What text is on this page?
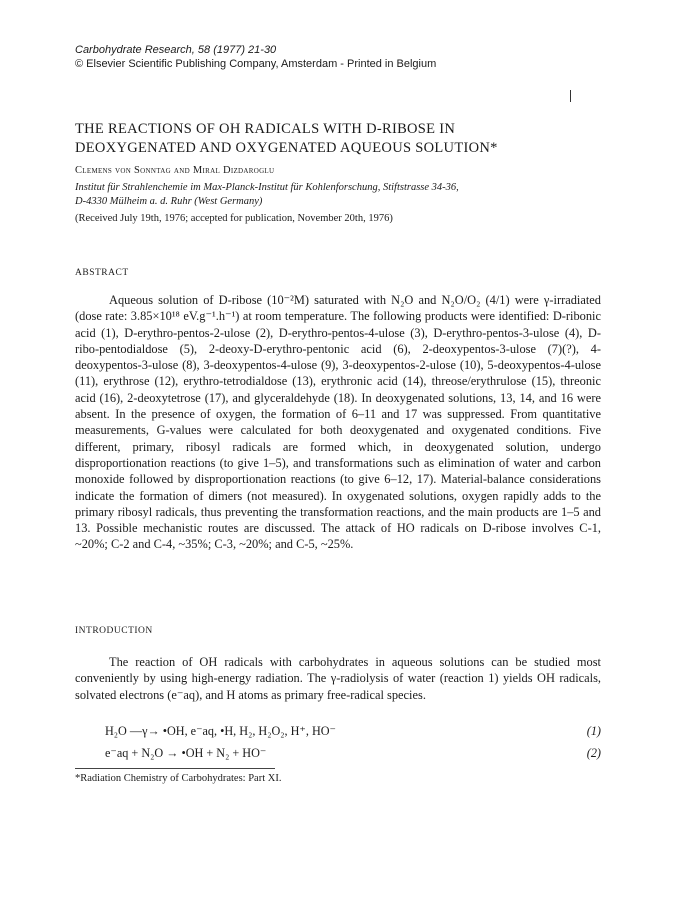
Carbohydrate Research, 58 (1977) 21-30
© Elsevier Scientific Publishing Company, Amsterdam - Printed in Belgium
THE REACTIONS OF OH RADICALS WITH D-RIBOSE IN
DEOXYGENATED AND OXYGENATED AQUEOUS SOLUTION*
Clemens von Sonntag and Miral Dizdaroglu
Institut für Strahlenchemie im Max-Planck-Institut für Kohlenforschung, Stiftstrasse 34-36,
D-4330 Mülheim a. d. Ruhr (West Germany)
(Received July 19th, 1976; accepted for publication, November 20th, 1976)
ABSTRACT

Aqueous solution of D-ribose (10⁻²M) saturated with N₂O and N₂O/O₂ (4/1) were γ-irradiated (dose rate: 3.85×10¹⁸ eV.g⁻¹.h⁻¹) at room temperature. The following products were identified: D-ribonic acid (1), D-erythro-pentos-2-ulose (2), D-erythro-pentos-4-ulose (3), D-erythro-pentos-3-ulose (4), D-ribo-pentodialdose (5), 2-deoxy-D-erythro-pentonic acid (6), 2-deoxypentos-3-ulose (7)(?), 4-deoxypentos-3-ulose (8), 3-deoxypentos-4-ulose (9), 3-deoxypentos-2-ulose (10), 5-deoxypentos-4-ulose (11), erythrose (12), erythro-tetrodialdose (13), erythronic acid (14), threose/erythrulose (15), threonic acid (16), 2-deoxytetrose (17), and glyceraldehyde (18). In deoxygenated solutions, 13, 14, and 16 were absent. In the presence of oxygen, the formation of 6–11 and 17 was suppressed. From quantitative measurements, G-values were calculated for both deoxygenated and oxygenated conditions. Five different, primary, ribosyl radicals are formed which, in deoxygenated solution, undergo disproportionation reactions (to give 1–5), and transformations such as elimination of water and carbon monoxide followed by disproportionation reactions (to give 6–12, 17). Material-balance considerations indicate the formation of dimers (not measured). In oxygenated solutions, oxygen rapidly adds to the primary ribosyl radicals, thus preventing the transformation reactions, and the main products are 1–5 and 13. Possible mechanistic routes are discussed. The attack of HO radicals on D-ribose involves C-1, ~20%; C-2 and C-4, ~35%; C-3, ~20%; and C-5, ~25%.

INTRODUCTION

The reaction of OH radicals with carbohydrates in aqueous solutions can be studied most conveniently by using high-energy radiation. The γ-radiolysis of water (reaction 1) yields OH radicals, solvated electrons (e⁻aq), and H atoms as primary free-radical species.

H₂O —γ→ •OH, e⁻aq, •H, H₂, H₂O₂, H⁺, HO⁻	(1)
e⁻aq + N₂O → •OH + N₂ + HO⁻	(2)
*Radiation Chemistry of Carbohydrates: Part XI.
